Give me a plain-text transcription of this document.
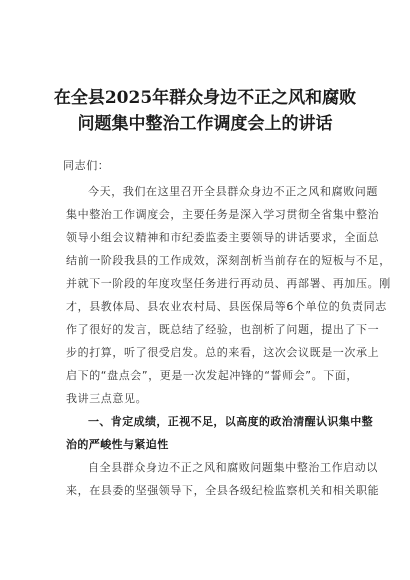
在全县2025年群众身边不正之风和腐败
问题集中整治工作调度会上的讲话
同志们：
今天，我们在这里召开全县群众身边不正之风和腐败问题
集中整治工作调度会，主要任务是深入学习贯彻全省集中整治
领导小组会议精神和市纪委监委主要领导的讲话要求，全面总
结前一阶段我县的工作成效，深刻剖析当前存在的短板与不足，
并就下一阶段的年度攻坚任务进行再动员、再部署、再加压。刚
才，县教体局、县农业农村局、县医保局等6个单位的负责同志
作了很好的发言，既总结了经验，也剖析了问题，提出了下一
步的打算，听了很受启发。总的来看，这次会议既是一次承上
启下的“盘点会”，更是一次发起冲锋的“誓师会”。下面，
我讲三点意见。
一、肯定成绩，正视不足，以高度的政治清醒认识集中整
治的严峻性与紧迫性
自全县群众身边不正之风和腐败问题集中整治工作启动以
来，在县委的坚强领导下，全县各级纪检监察机关和相关职能
